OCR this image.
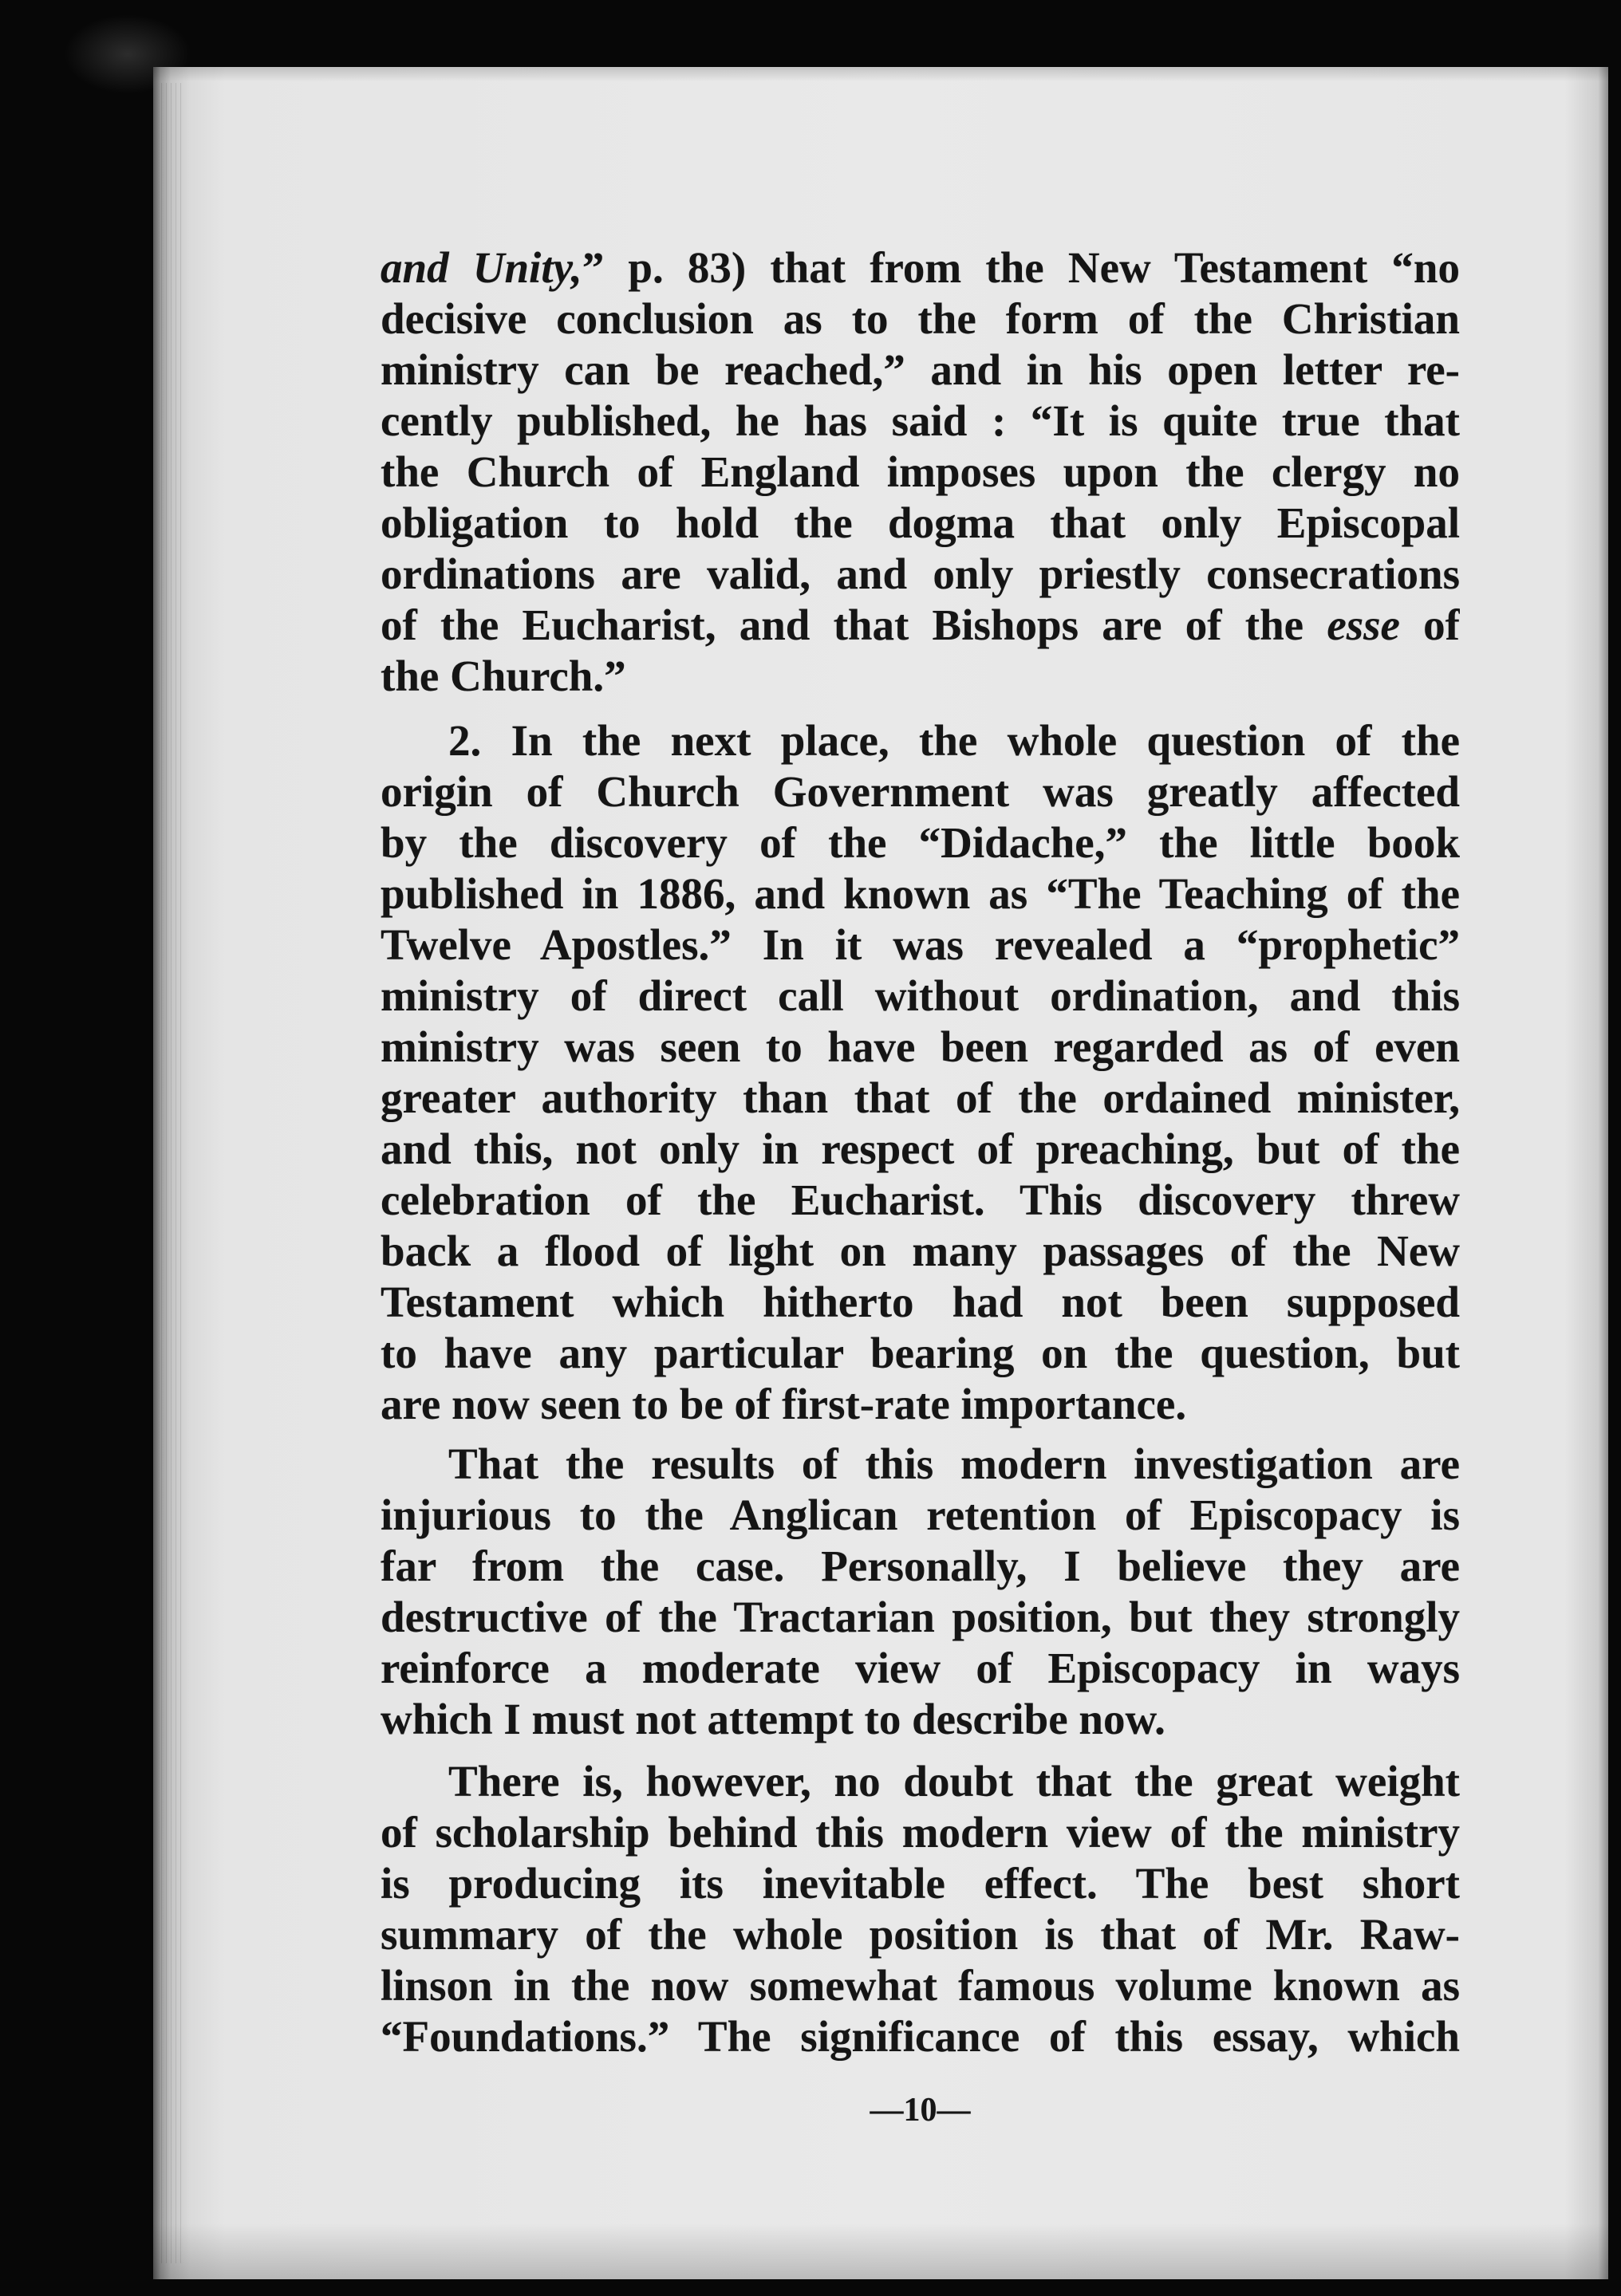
and Unity,” p. 83) that from the New Testament “no
decisive conclusion as to the form of the Christian
ministry can be reached,” and in his open letter re-
cently published, he has said : “It is quite true that
the Church of England imposes upon the clergy no
obligation to hold the dogma that only Episcopal
ordinations are valid, and only priestly consecrations
of the Eucharist, and that Bishops are of the esse of
the Church.”
2. In the next place, the whole question of the
origin of Church Government was greatly affected
by the discovery of the “Didache,” the little book
published in 1886, and known as “The Teaching of the
Twelve Apostles.” In it was revealed a “prophetic”
ministry of direct call without ordination, and this
ministry was seen to have been regarded as of even
greater authority than that of the ordained minister,
and this, not only in respect of preaching, but of the
celebration of the Eucharist. This discovery threw
back a flood of light on many passages of the New
Testament which hitherto had not been supposed
to have any particular bearing on the question, but
are now seen to be of first-rate importance.
That the results of this modern investigation are
injurious to the Anglican retention of Episcopacy is
far from the case. Personally, I believe they are
destructive of the Tractarian position, but they strongly
reinforce a moderate view of Episcopacy in ways
which I must not attempt to describe now.
There is, however, no doubt that the great weight
of scholarship behind this modern view of the ministry
is producing its inevitable effect. The best short
summary of the whole position is that of Mr. Raw-
linson in the now somewhat famous volume known as
“Foundations.” The significance of this essay, which
—10—
